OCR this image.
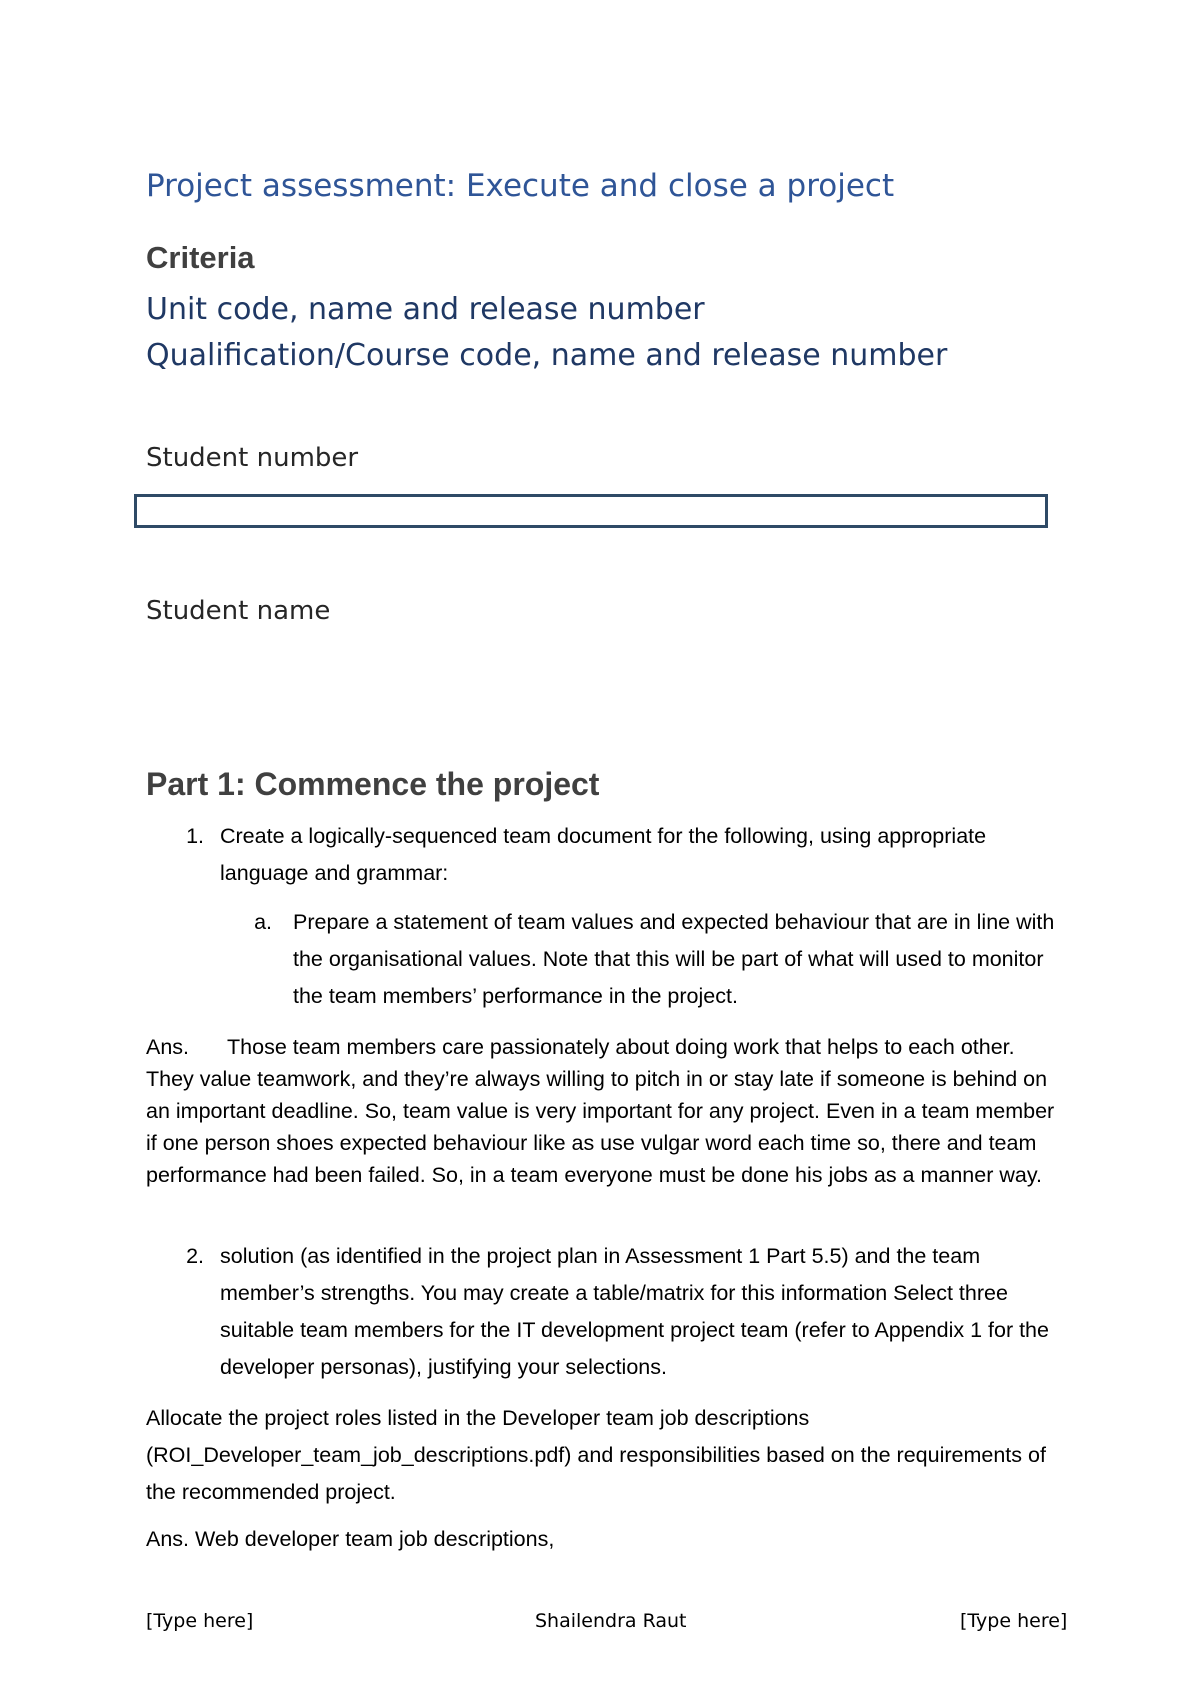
Project assessment: Execute and close a project
Criteria
Unit code, name and release number
Qualification/Course code, name and release number
Student number
Student name
Part 1: Commence the project
1. Create a logically-sequenced team document for the following, using appropriate language and grammar:
a. Prepare a statement of team values and expected behaviour that are in line with the organisational values. Note that this will be part of what will used to monitor the team members’ performance in the project.
Ans. Those team members care passionately about doing work that helps to each other. They value teamwork, and they’re always willing to pitch in or stay late if someone is behind on an important deadline. So, team value is very important for any project. Even in a team member if one person shoes expected behaviour like as use vulgar word each time so, there and team performance had been failed. So, in a team everyone must be done his jobs as a manner way.
2. solution (as identified in the project plan in Assessment 1 Part 5.5) and the team member’s strengths. You may create a table/matrix for this information Select three suitable team members for the IT development project team (refer to Appendix 1 for the developer personas), justifying your selections.
Allocate the project roles listed in the Developer team job descriptions (ROI_Developer_team_job_descriptions.pdf) and responsibilities based on the requirements of the recommended project.
Ans. Web developer team job descriptions,
[Type here]	Shailendra Raut	[Type here]
